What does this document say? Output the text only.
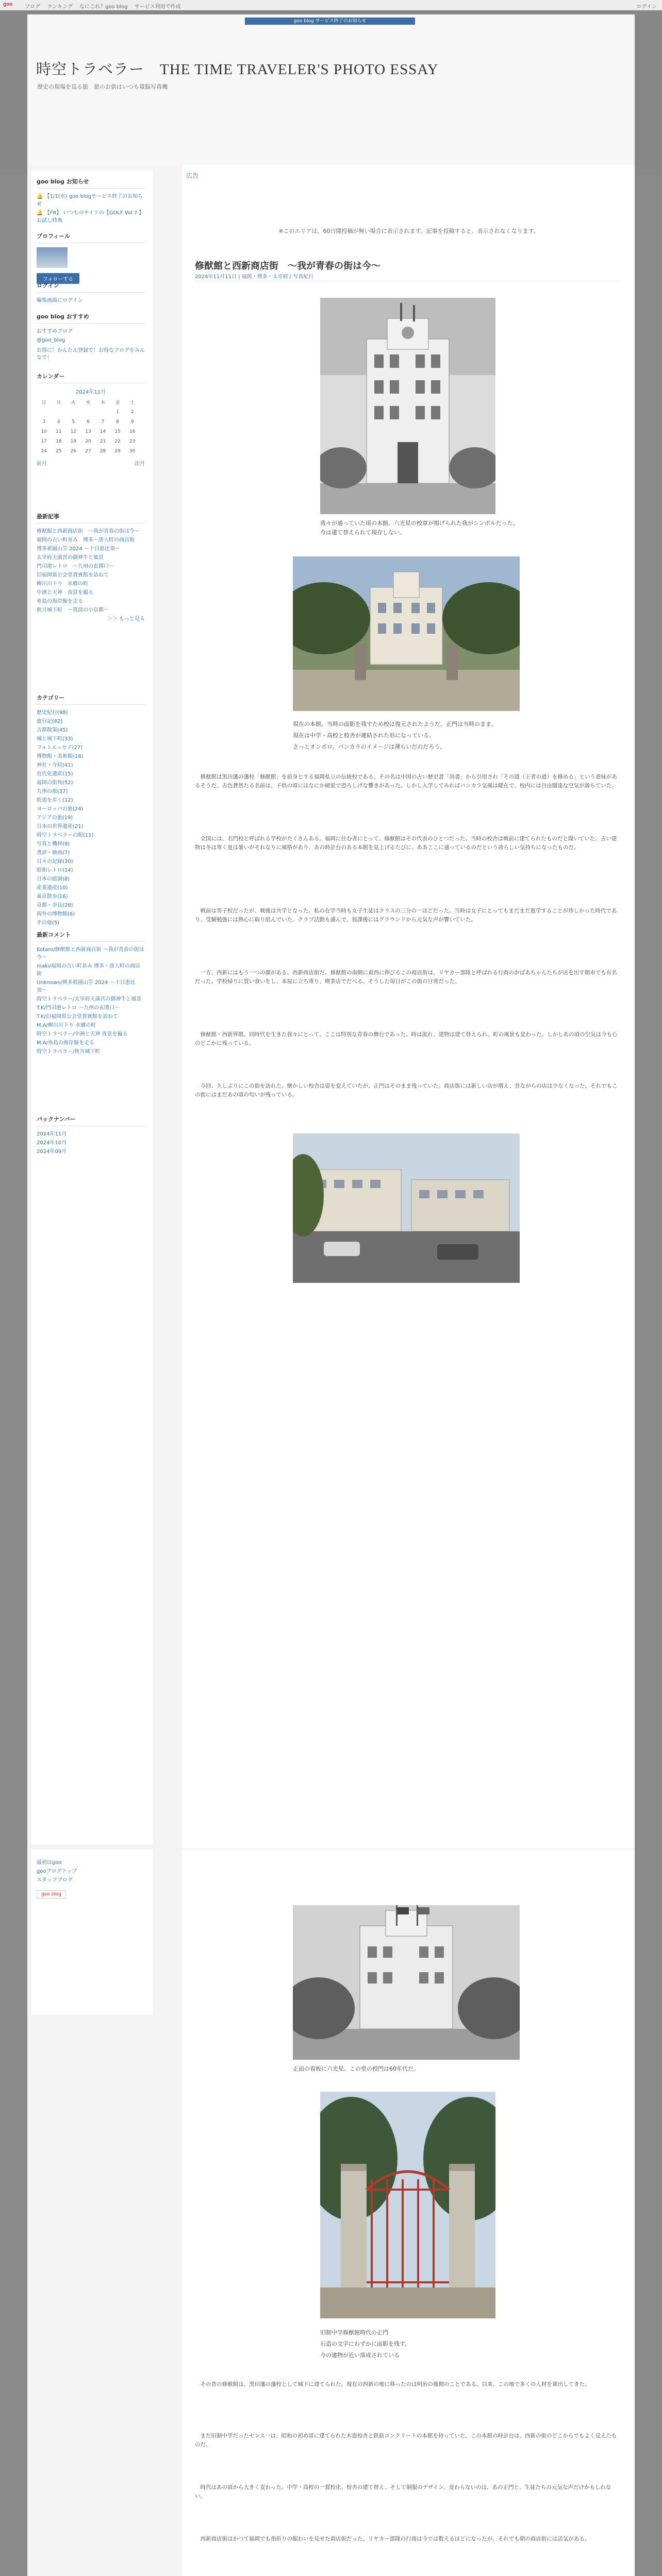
goo ブログ ランキング なにこれ？goo blog サービス利用で作成	ログイン
goo blog サービス終了のお知らせ
時空トラベラー　THE TIME TRAVELER'S PHOTO ESSAY
歴史の現場を巡る旅　旅のお供はいつも電脳写真機
goo blog お知らせ
🔔 【1/1(水) goo blogサービス終了のお知らせ
🔔 【FB】 いつものサイトの【GOLF Vol.7 】お試し特典
プロフィール
フォローする
ログイン
編集画面にログイン
goo blog おすすめ
おすすめブログ
@goo_blog
お得に！かんたん登録で！お得なブログをみんなで！
カレンダー
2024年11月
日	月	火	水	木	金	土
					1	2
3	4	5	6	7	8	9
10	11	12	13	14	15	16
17	18	19	20	21	22	23
24	25	26	27	28	29	30
前月	次月
最新記事
修猷館と西新商店街　～我が青春の街は今～
福岡の古い町並み　博多・唐人町の商店街
博多祇園山笠 2024 〜十日恵比須〜
太宰府天満宮の御神牛と風景
門司港レトロ　〜九州の玄関口〜
旧福岡県公会堂貴賓館を訪ねて
柳川川下り　水郷の町
中洲と天神　夜景を撮る
糸島の海岸線を走る
秋月城下町　〜筑前の小京都〜
＞＞ もっと見る
カテゴリー
歴史紀行(98)
旅行記(62)
古都散策(45)
城と城下町(33)
フォトエッセイ(27)
博物館・美術館(18)
神社・寺院(41)
近代化遺産(15)
福岡の街角(52)
九州の旅(37)
街道を歩く(12)
ヨーロッパの旅(24)
アジアの旅(19)
日本の世界遺産(21)
時空トラベラーの眼(11)
写真と機材(9)
書評・映画(7)
日々の記録(30)
昭和レトロ(14)
日本の庭園(8)
産業遺産(10)
東京散歩(16)
京都・奈良(28)
海外の博物館(6)
その他(5)
最新コメント
Kotaro/修猷館と西新商店街 〜我が青春の街は今〜
maki/福岡の古い町並み 博多・唐人町の商店街
Unknown/博多祇園山笠 2024 〜十日恵比須〜
時空トラベラー/太宰府天満宮の御神牛と風景
T.K/門司港レトロ 〜九州の玄関口〜
T.K/旧福岡県公会堂貴賓館を訪ねて
M.A/柳川川下り 水郷の町
時空トラベラー/中洲と天神 夜景を撮る
M.A/糸島の海岸線を走る
時空トラベラー/秋月城下町
バックナンバー
2024年11月
2024年10月
2024年09月
広告
※このエリアは、60日間投稿が無い場合に表示されます。記事を投稿すると、表示されなくなります。
修猷館と西新商店街　～我が青春の街は今～
2024年11月11日 | 福岡・博多・太宰府 / 写真紀行
我々が通っていた頃の本館。六光星の校章が掲げられた我がシンボルだった。
今は建て替えられて現存しない。
現在の本館。当時の面影を残すため校は復元されたようだ。正門は当時のまま。
現在は中学・高校と校舎が連結された形になっている。
さっとオンボロ。バンカラのイメージは薄らいだのだろう。
修猷館は黒田藩の藩校「修猷館」を前身とする福岡県立の伝統校である。その名は中国の古い歴史書「尚書」から引用され「その道（王者の道）を修める」という意味があるそうだ。古色蒼然たる名前は、子供の頃にはなにか硬派で恐ろしげな響きがあった。しかし入学してみればバンカラ気風は健在で、校内には自由闊達な空気が満ちていた。
全国には、名門校と呼ばれる学校がたくさんある。福岡に住む者にとって、修猷館はその代表のひとつだった。当時の校舎は戦前に建てられたものだと聞いていた。古い建物は冬は寒く夏は暑いがそれなりに風格があり、あの時計台のある本館を見上げるたびに、ああここに通っているのだという誇らしい気持ちになったものだ。
戦前は男子校だったが、戦後は共学となった。私の在学当時も女子生徒はクラスの三分の一ほどだった。当時は女子にとってもまだまだ進学することが珍しかった時代であり、受験勉強には熱心に取り組んでいた。クラブ活動も盛んで、放課後にはグラウンドから元気な声が響いていた。
一方、西新にはもう一つの顔がある。西新商店街だ。修猷館の南側に東西に伸びるこの商店街は、リヤカー部隊と呼ばれる行商のおばあちゃんたちが店を出す朝市でも有名だった。学校帰りに買い食いをし、本屋に立ち寄り、喫茶店でだべる。そうした毎日がこの街の日常だった。
修猷館・西新界隈。同時代を生きた我々にとって、ここは特別な青春の舞台であった。時は流れ、建物は建て替えられ、町の風景も変わった。しかしあの頃の空気は今も心のどこかに残っている。
今回、久しぶりにこの街を訪れた。懐かしい校舎は姿を変えていたが、正門はそのまま残っていた。商店街には新しい店が増え、昔ながらの店は少なくなった。それでもこの街にはまだあの頃の匂いが残っている。
最初はgoo
gooブログトップ
スタッフブログ
goo blog
正面の看板に六光星。この堂の校門は60年代だ。
旧制中学修猷館時代の正門
石造の文字にわずかに面影を残す。
今の建物が近い落成されている
その昔の修猷館は、黒田藩の藩校として城下に建てられた。現在の西新の地に移ったのは明治の後期のことである。以来、この地で多くの人材を輩出してきた。
まだ旧制中学だったセンス一は、昭和の初め頃に建てられた木造校舎と鉄筋コンクリートの本館を持っていた。この本館の時計台は、西新の街のどこからでもよく見えたものだ。
時代はあの頃から大きく変わった。中学・高校の一貫校化、校舎の建て替え、そして制服のデザイン。変わらないのは、あの正門と、生徒たちの元気な声だけかもしれない。
西新商店街はかつて福岡でも指折りの賑わいを見せた商店街だった。リヤカー部隊の行商は今では数えるほどになったが、それでも朝の商店街には活気がある。
